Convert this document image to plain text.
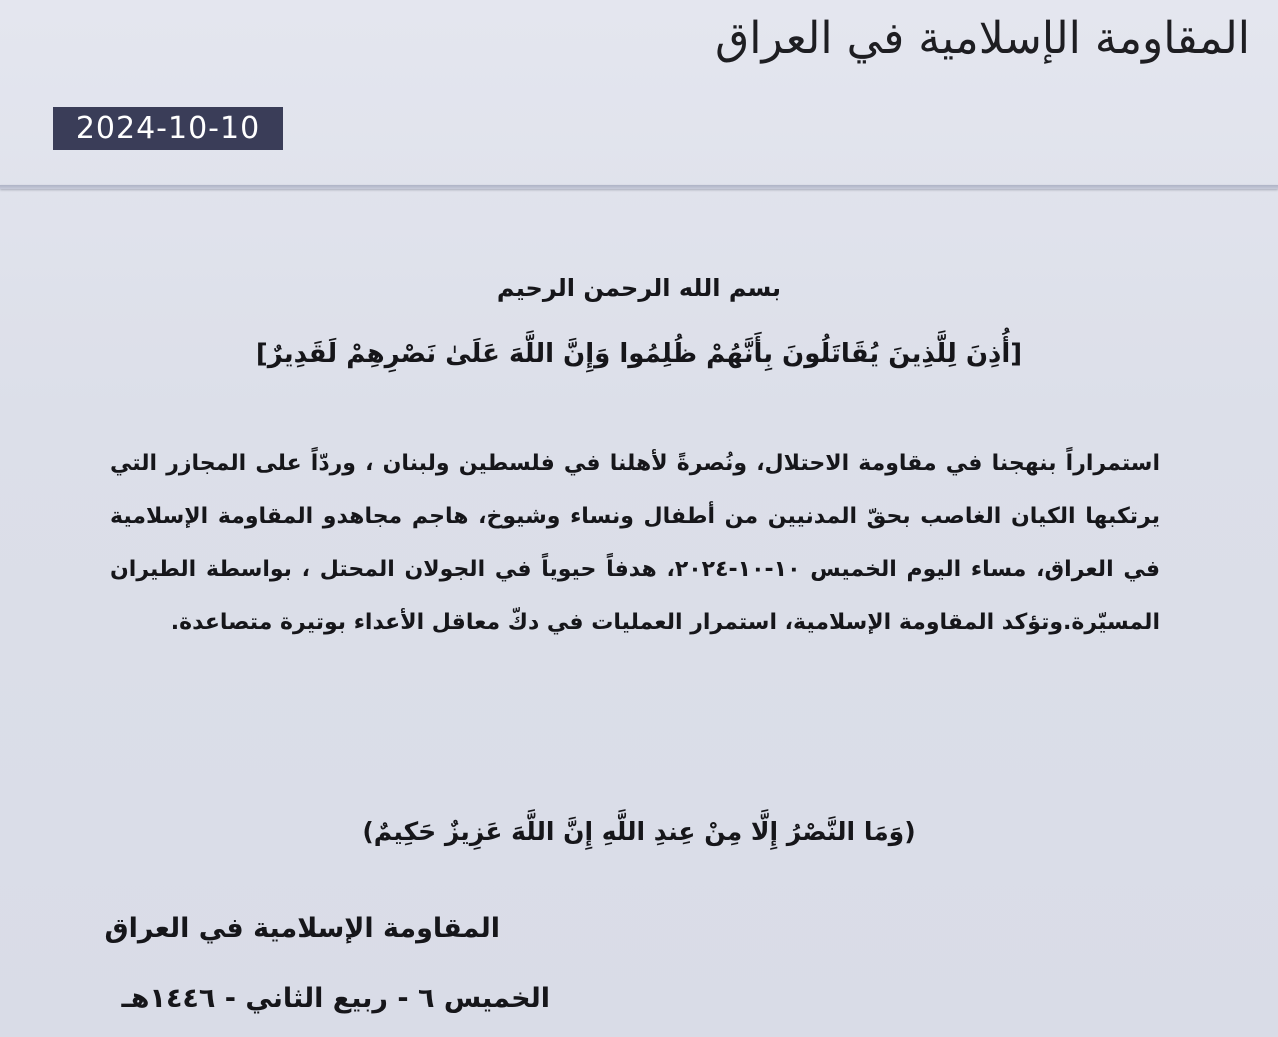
المقاومة الإسلامية في العراق
2024-10-10
بسم الله الرحمن الرحيم
[أُذِنَ لِلَّذِينَ يُقَاتَلُونَ بِأَنَّهُمْ ظُلِمُوا وَإِنَّ اللَّهَ عَلَىٰ نَصْرِهِمْ لَقَدِيرٌ]
استمراراً بنهجنا في مقاومة الاحتلال، ونُصرةً لأهلنا في فلسطين ولبنان ، وردّاً على المجازر التي يرتكبها الكيان الغاصب بحقّ المدنيين من أطفال ونساء وشيوخ، هاجم مجاهدو المقاومة الإسلامية في العراق، مساء اليوم الخميس ١٠-١٠-٢٠٢٤، هدفاً حيوياً في الجولان المحتل ، بواسطة الطيران المسيّرة.وتؤكد المقاومة الإسلامية، استمرار العمليات في دكّ معاقل الأعداء بوتيرة متصاعدة.
(وَمَا النَّصْرُ إِلَّا مِنْ عِندِ اللَّهِ إِنَّ اللَّهَ عَزِيزٌ حَكِيمٌ)
المقاومة الإسلامية في العراق
الخميس ٦ - ربيع الثاني - ١٤٤٦هـ
